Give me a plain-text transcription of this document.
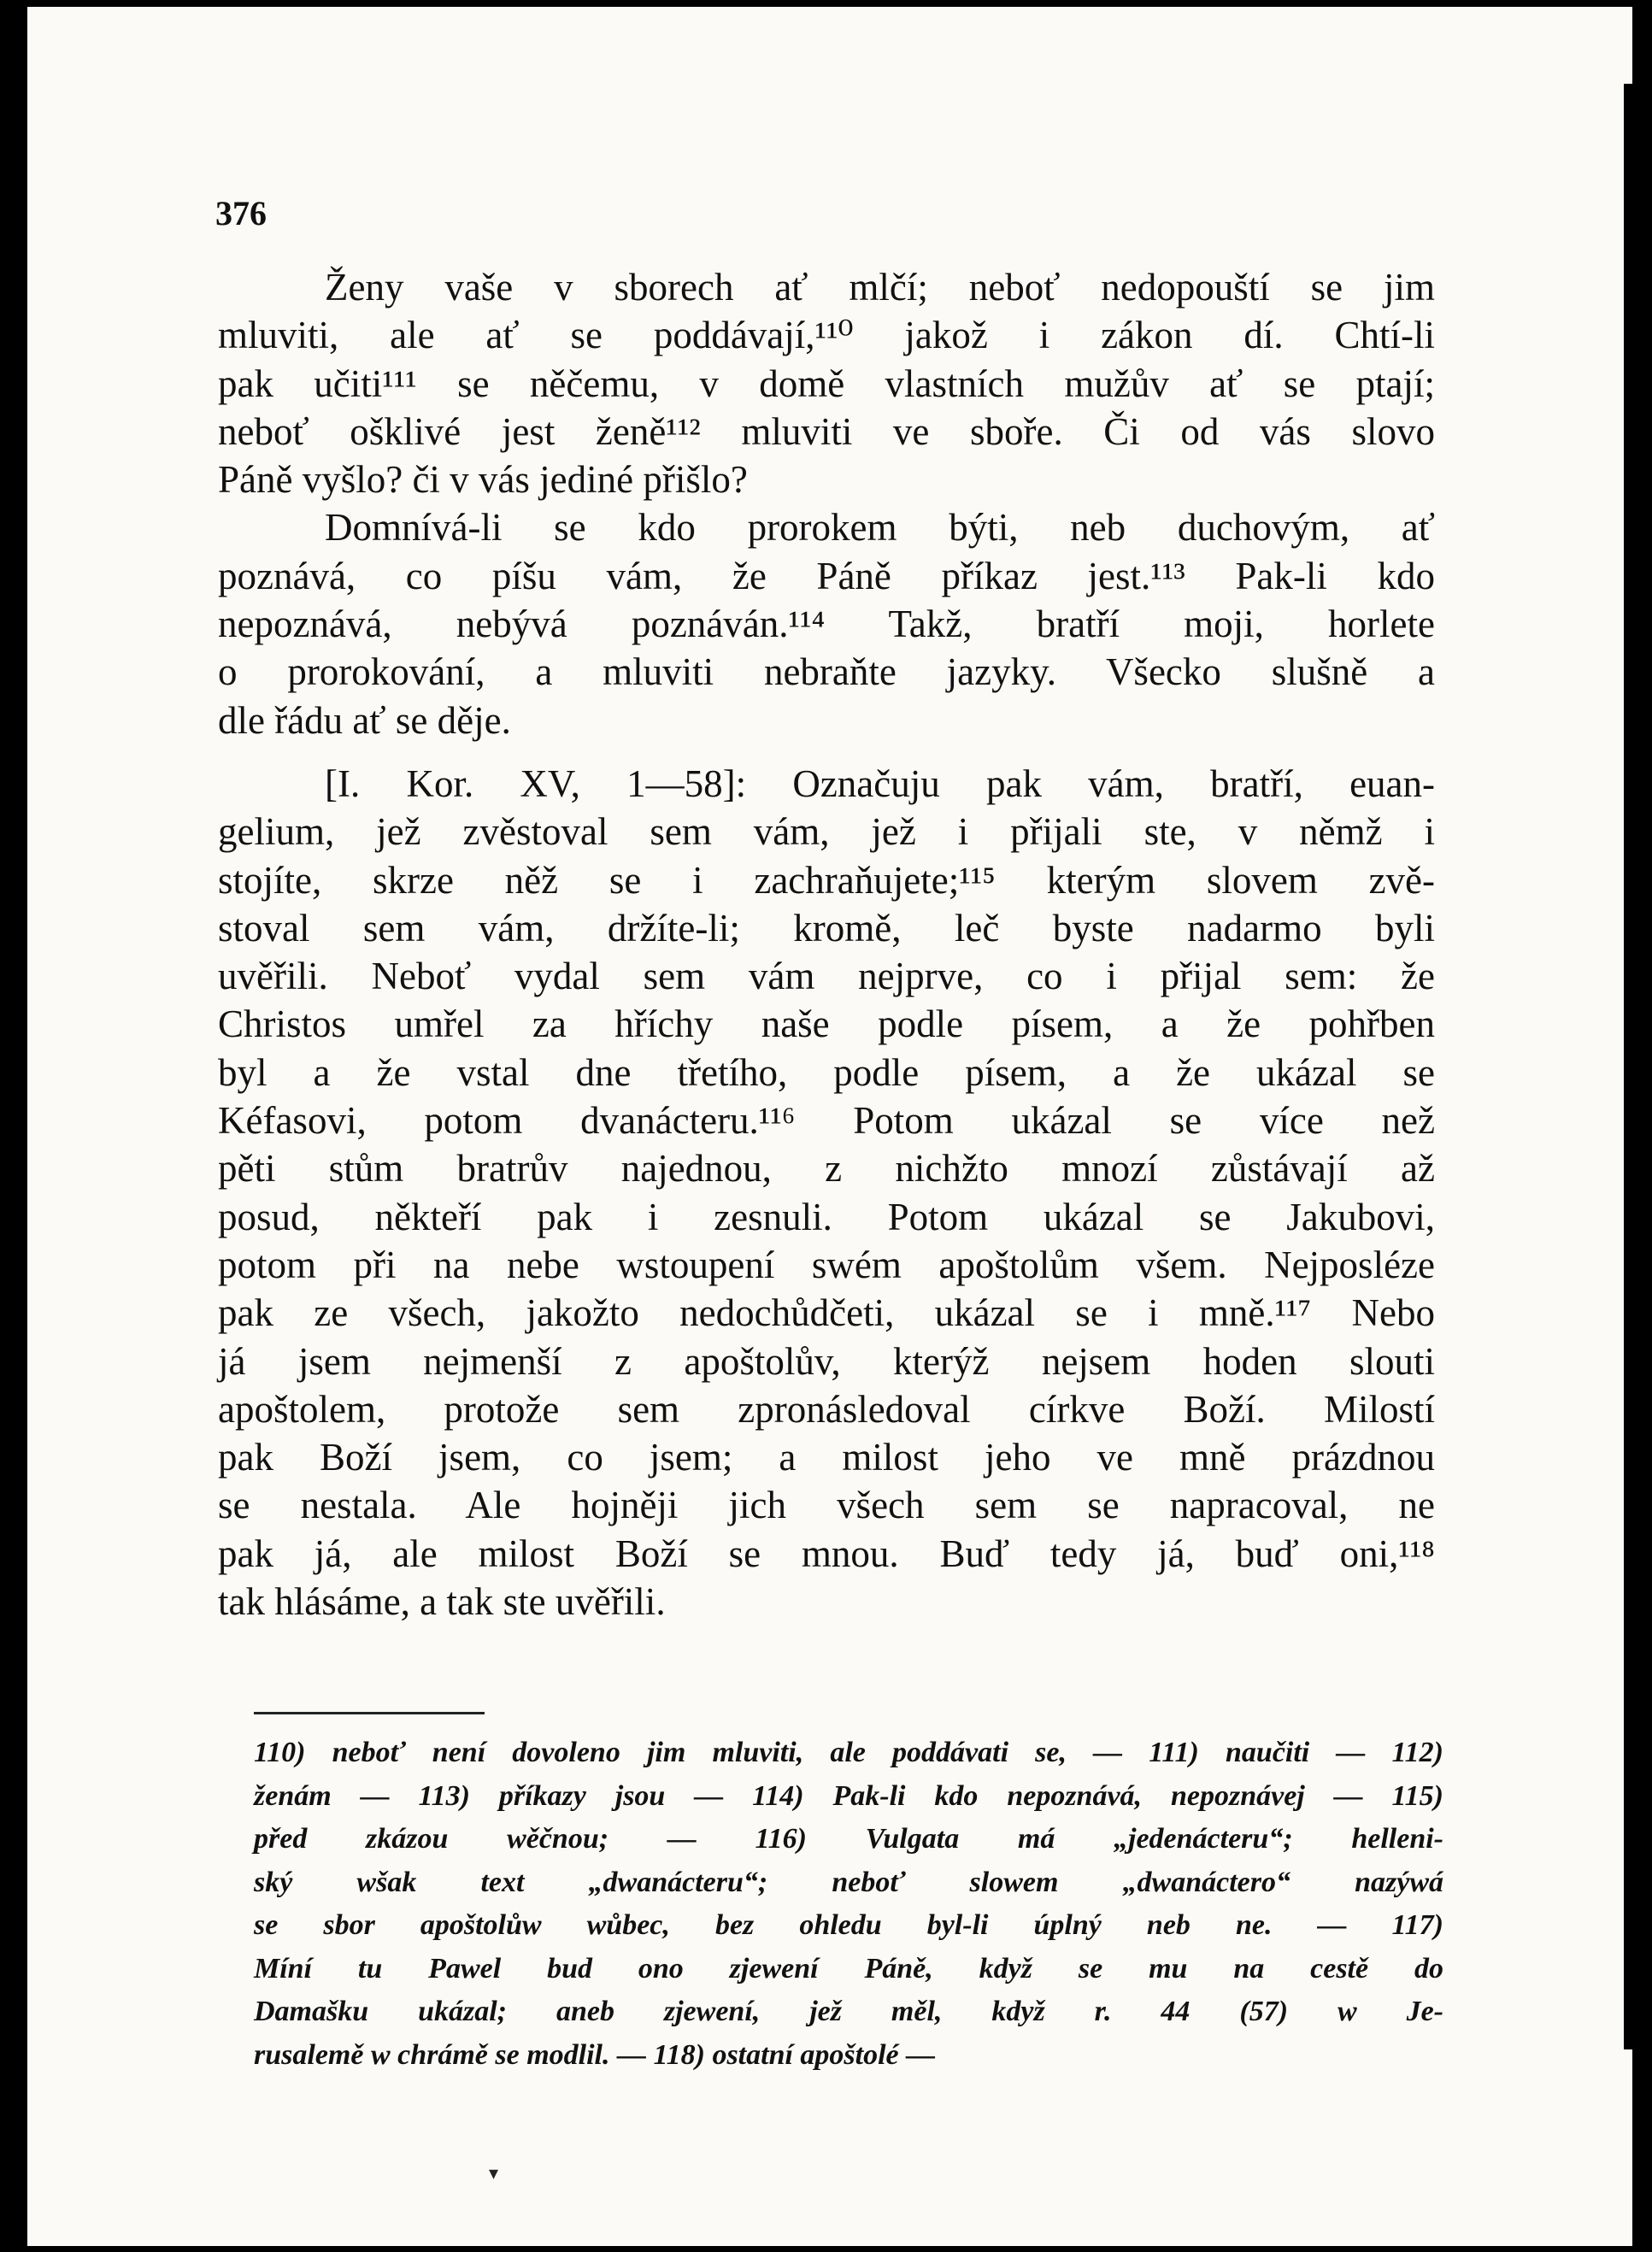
376

Ženy vaše v sborech ať mlčí; neboť nedopouští se jim

mluviti, ale ať se poddávají,¹¹⁰ jakož i zákon dí. Chtí-li

pak učiti¹¹¹ se něčemu, v domě vlastních mužův ať se ptají;

neboť ošklivé jest ženě¹¹² mluviti ve sboře. Či od vás slovo

Páně vyšlo? či v vás jediné přišlo?

Domnívá-li se kdo prorokem býti, neb duchovým, ať

poznává, co píšu vám, že Páně příkaz jest.¹¹³ Pak-li kdo

nepoznává, nebývá poznáván.¹¹⁴ Takž, bratří moji, horlete

o prorokování, a mluviti nebraňte jazyky. Všecko slušně a

dle řádu ať se děje.

[I. Kor. XV, 1—58]: Označuju pak vám, bratří, euan-

gelium, jež zvěstoval sem vám, jež i přijali ste, v němž i

stojíte, skrze něž se i zachraňujete;¹¹⁵ kterým slovem zvě-

stoval sem vám, držíte-li; kromě, leč byste nadarmo byli

uvěřili. Neboť vydal sem vám nejprve, co i přijal sem: že

Christos umřel za hříchy naše podle písem, a že pohřben

byl a že vstal dne třetího, podle písem, a že ukázal se

Kéfasovi, potom dvanácteru.¹¹⁶ Potom ukázal se více než

pěti stům bratrův najednou, z nichžto mnozí zůstávají až

posud, někteří pak i zesnuli. Potom ukázal se Jakubovi,

potom při na nebe wstoupení swém apoštolům všem. Nejposléze

pak ze všech, jakožto nedochůdčeti, ukázal se i mně.¹¹⁷ Nebo

já jsem nejmenší z apoštolův, kterýž nejsem hoden slouti

apoštolem, protože sem zpronásledoval církve Boží. Milostí

pak Boží jsem, co jsem; a milost jeho ve mně prázdnou

se nestala. Ale hojněji jich všech sem se napracoval, ne

pak já, ale milost Boží se mnou. Buď tedy já, buď oni,¹¹⁸

tak hlásáme, a tak ste uvěřili.

110) neboť není dovoleno jim mluviti, ale poddávati se, — 111) naučiti — 112)

ženám — 113) příkazy jsou — 114) Pak-li kdo nepoznává, nepoznávej — 115)

před zkázou wěčnou; — 116) Vulgata má „jedenácteru“; helleni-

ský wšak text „dwanácteru“; neboť slowem „dwanáctero“ nazýwá

se sbor apoštolůw wůbec, bez ohledu byl-li úplný neb ne. — 117)

Míní tu Pawel bud ono zjewení Páně, když se mu na cestě do

Damašku ukázal; aneb zjewení, jež měl, když r. 44 (57) w Je-

rusalemě w chrámě se modlil. — 118) ostatní apoštolé —

▾
